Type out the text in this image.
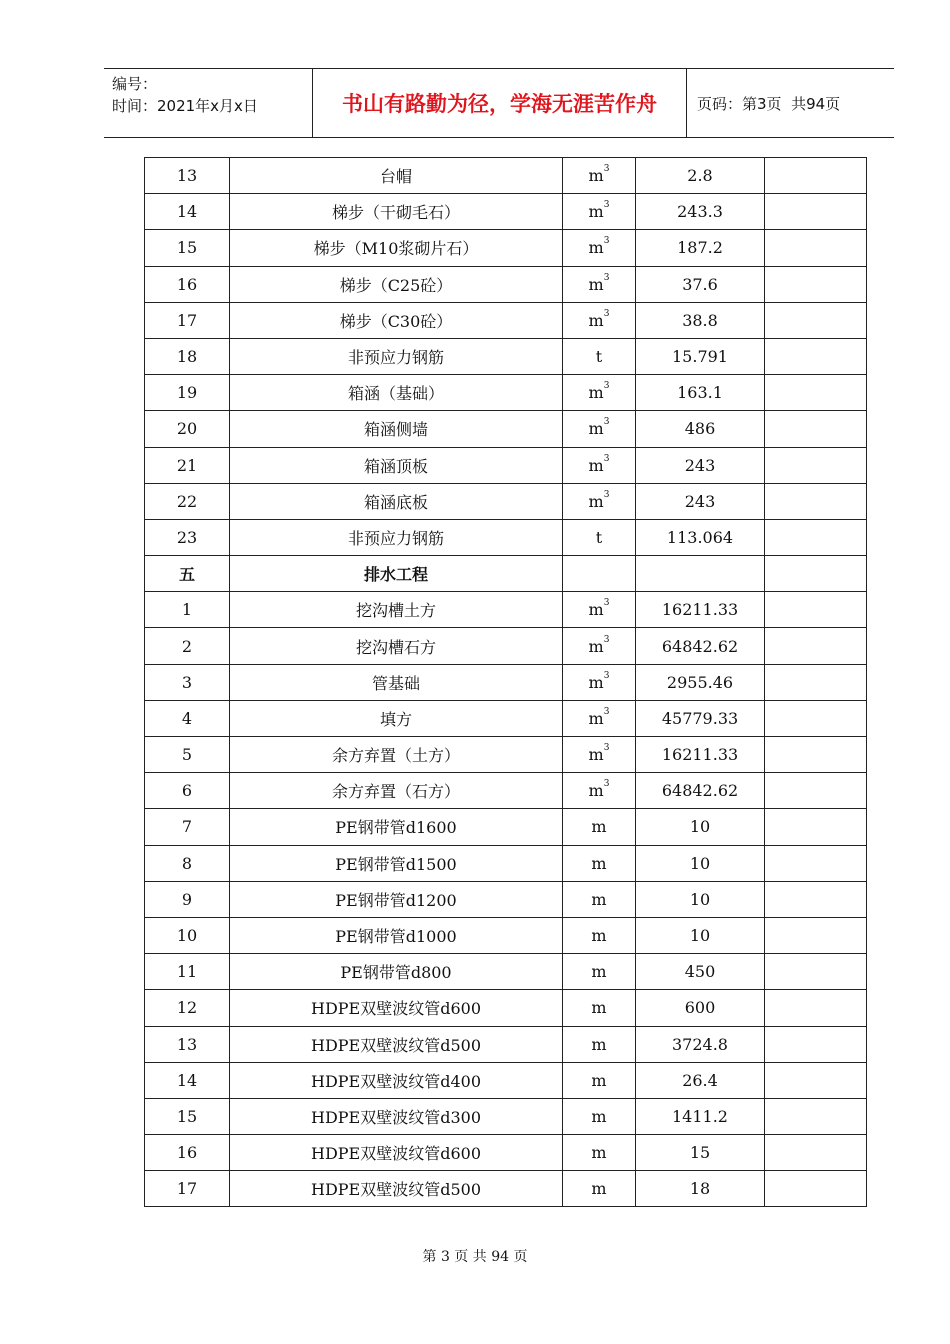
编号：
时间：2021年x月x日	书山有路勤为径，学海无涯苦作舟	页码：第3页  共94页
13	台帽	$m^3$	2.8	
14	梯步（干砌毛石）	$m^3$	243.3	
15	梯步（M10浆砌片石）	$m^3$	187.2	
16	梯步（C25砼）	$m^3$	37.6	
17	梯步（C30砼）	$m^3$	38.8	
18	非预应力钢筋	t	15.791	
19	箱涵（基础）	$m^3$	163.1	
20	箱涵侧墙	$m^3$	486	
21	箱涵顶板	$m^3$	243	
22	箱涵底板	$m^3$	243	
23	非预应力钢筋	t	113.064	
五	排水工程			
1	挖沟槽土方	$m^3$	16211.33	
2	挖沟槽石方	$m^3$	64842.62	
3	管基础	$m^3$	2955.46	
4	填方	$m^3$	45779.33	
5	余方弃置（土方）	$m^3$	16211.33	
6	余方弃置（石方）	$m^3$	64842.62	
7	PE钢带管d1600	m	10	
8	PE钢带管d1500	m	10	
9	PE钢带管d1200	m	10	
10	PE钢带管d1000	m	10	
11	PE钢带管d800	m	450	
12	HDPE双壁波纹管d600	m	600	
13	HDPE双壁波纹管d500	m	3724.8	
14	HDPE双壁波纹管d400	m	26.4	
15	HDPE双壁波纹管d300	m	1411.2	
16	HDPE双壁波纹管d600	m	15	
17	HDPE双壁波纹管d500	m	18	
第 3 页 共 94 页
